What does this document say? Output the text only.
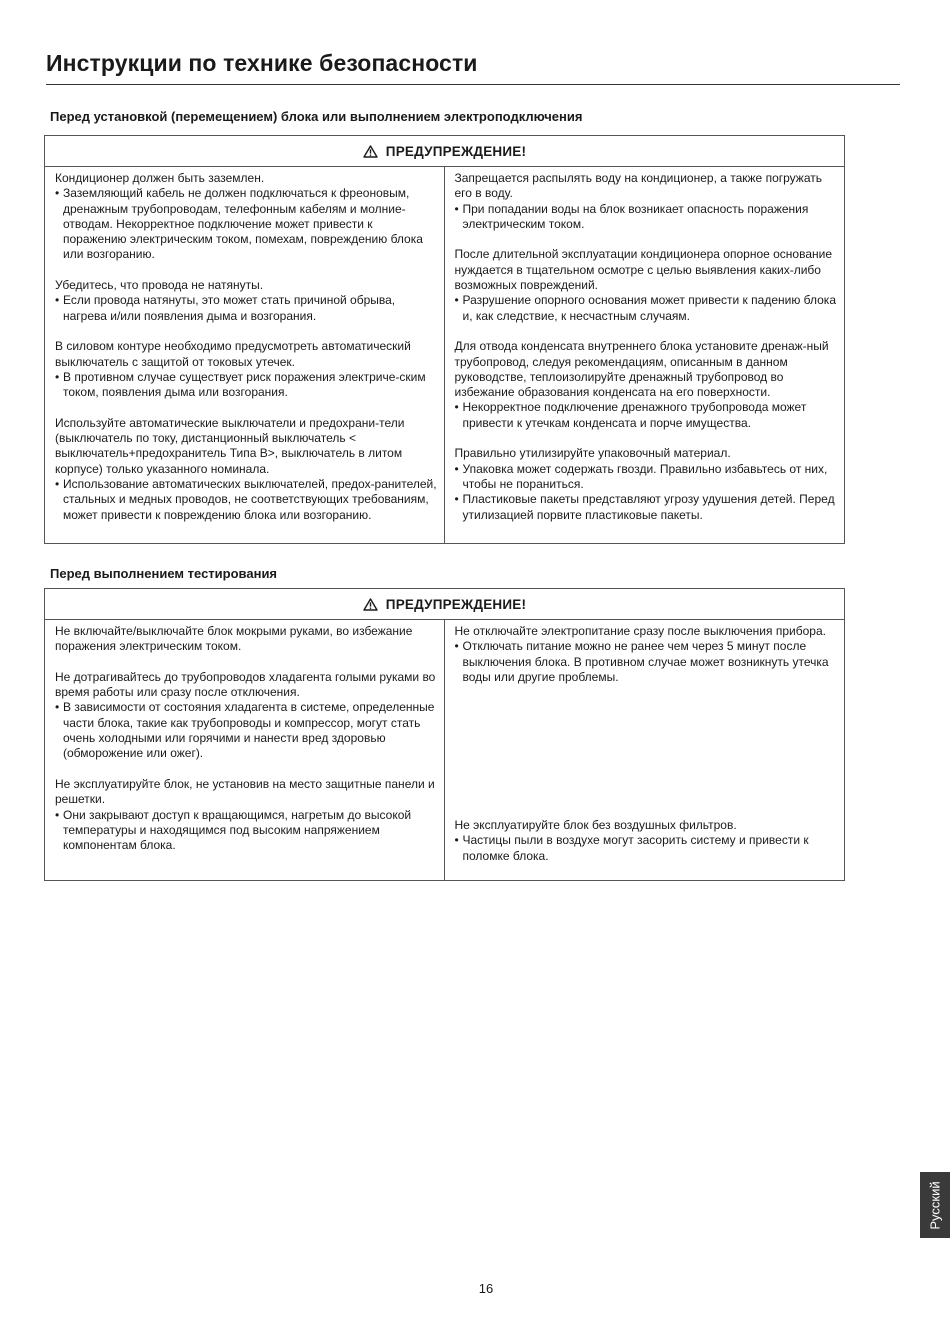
Инструкции по технике безопасности
Перед установкой (перемещением) блока или выполнением электроподключения
ПРЕДУПРЕЖДЕНИЕ!

Кондиционер должен быть заземлен.

• Заземляющий кабель не должен подключаться к фреоновым, дренажным трубопроводам, телефонным кабелям и молние-отводам. Некорректное подключение может привести к поражению электрическим током, помехам, повреждению блока или возгоранию.

Убедитесь, что провода не натянуты.

• Если провода натянуты, это может стать причиной обрыва, нагрева и/или появления дыма и возгорания.

В силовом контуре необходимо предусмотреть автоматический выключатель с защитой от токовых утечек.

• В противном случае существует риск поражения электриче-ским током, появления дыма или возгорания.

Используйте автоматические выключатели и предохрани-тели (выключатель по току, дистанционный выключатель < выключатель+предохранитель Типа B>, выключатель в литом корпусе) только указанного номинала.

• Использование автоматических выключателей, предох-ранителей, стальных и медных проводов, не соответствующих требованиям, может привести к повреждению блока или возгоранию.

Запрещается распылять воду на кондиционер, а также погружать его в воду.

• При попадании воды на блок возникает опасность поражения электрическим током.

После длительной эксплуатации кондиционера опорное основание нуждается в тщательном осмотре с целью выявления каких-либо возможных повреждений.

• Разрушение опорного основания может привести к падению блока и, как следствие, к несчастным случаям.

Для отвода конденсата внутреннего блока установите дренаж-ный трубопровод, следуя рекомендациям, описанным в данном руководстве, теплоизолируйте дренажный трубопровод во избежание образования конденсата на его поверхности.

• Некорректное подключение дренажного трубопровода может привести к утечкам конденсата и порче имущества.

Правильно утилизируйте упаковочный материал.

• Упаковка может содержать гвозди. Правильно избавьтесь от них, чтобы не пораниться.

• Пластиковые пакеты представляют угрозу удушения детей. Перед утилизацией порвите пластиковые пакеты.

Перед выполнением тестирования
ПРЕДУПРЕЖДЕНИЕ!

Не включайте/выключайте блок мокрыми руками, во избежание поражения электрическим током.

Не дотрагивайтесь до трубопроводов хладагента голыми руками во время работы или сразу после отключения.

• В зависимости от состояния хладагента в системе, определенные части блока, такие как трубопроводы и компрессор, могут стать очень холодными или горячими и нанести вред здоровью (обморожение или ожег).

Не эксплуатируйте блок, не установив на место защитные панели и решетки.

• Они закрывают доступ к вращающимся, нагретым до высокой температуры и находящимся под высоким напряжением компонентам блока.

Не отключайте электропитание сразу после выключения прибора.

• Отключать питание можно не ранее чем через 5 минут после выключения блока. В противном случае может возникнуть утечка воды или другие проблемы.

Не эксплуатируйте блок без воздушных фильтров.

• Частицы пыли в воздухе могут засорить систему и привести к поломке блока.

Русский
16
